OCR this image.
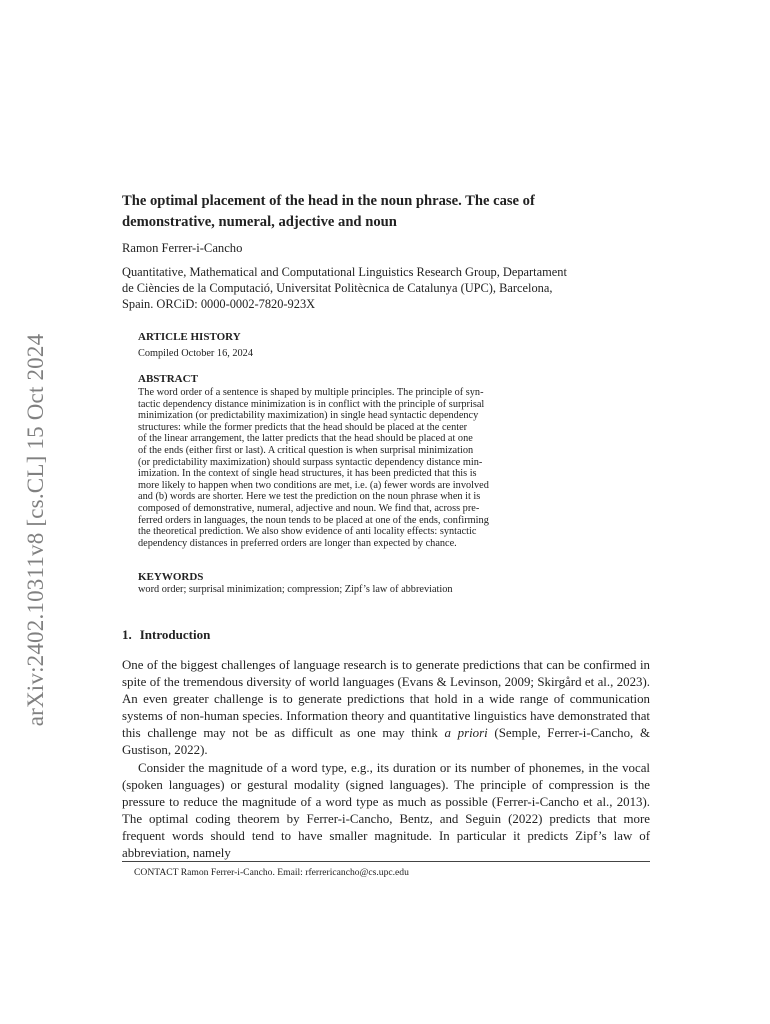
arXiv:2402.10311v8 [cs.CL] 15 Oct 2024
The optimal placement of the head in the noun phrase. The case of
demonstrative, numeral, adjective and noun
Ramon Ferrer-i-Cancho
Quantitative, Mathematical and Computational Linguistics Research Group, Departament
de Ciències de la Computació, Universitat Politècnica de Catalunya (UPC), Barcelona,
Spain. ORCiD: 0000-0002-7820-923X
ARTICLE HISTORY
Compiled October 16, 2024
ABSTRACT
The word order of a sentence is shaped by multiple principles. The principle of syn-
tactic dependency distance minimization is in conflict with the principle of surprisal
minimization (or predictability maximization) in single head syntactic dependency
structures: while the former predicts that the head should be placed at the center
of the linear arrangement, the latter predicts that the head should be placed at one
of the ends (either first or last). A critical question is when surprisal minimization
(or predictability maximization) should surpass syntactic dependency distance min-
imization. In the context of single head structures, it has been predicted that this is
more likely to happen when two conditions are met, i.e. (a) fewer words are involved
and (b) words are shorter. Here we test the prediction on the noun phrase when it is
composed of demonstrative, numeral, adjective and noun. We find that, across pre-
ferred orders in languages, the noun tends to be placed at one of the ends, confirming
the theoretical prediction. We also show evidence of anti locality effects: syntactic
dependency distances in preferred orders are longer than expected by chance.
KEYWORDS
word order; surprisal minimization; compression; Zipf’s law of abbreviation
1. Introduction

One of the biggest challenges of language research is to generate predictions that can be confirmed in spite of the tremendous diversity of world languages (Evans & Levinson, 2009; Skirgård et al., 2023). An even greater challenge is to generate predictions that hold in a wide range of communication systems of non-human species. Information theory and quantitative linguistics have demonstrated that this challenge may not be as difficult as one may think a priori (Semple, Ferrer-i-Cancho, & Gustison, 2022).

Consider the magnitude of a word type, e.g., its duration or its number of phonemes, in the vocal (spoken languages) or gestural modality (signed languages). The principle of compression is the pressure to reduce the magnitude of a word type as much as possible (Ferrer-i-Cancho et al., 2013). The optimal coding theorem by Ferrer-i-Cancho, Bentz, and Seguin (2022) predicts that more frequent words should tend to have smaller magnitude. In particular it predicts Zipf’s law of abbreviation, namely

CONTACT Ramon Ferrer-i-Cancho. Email: rferrericancho@cs.upc.edu
